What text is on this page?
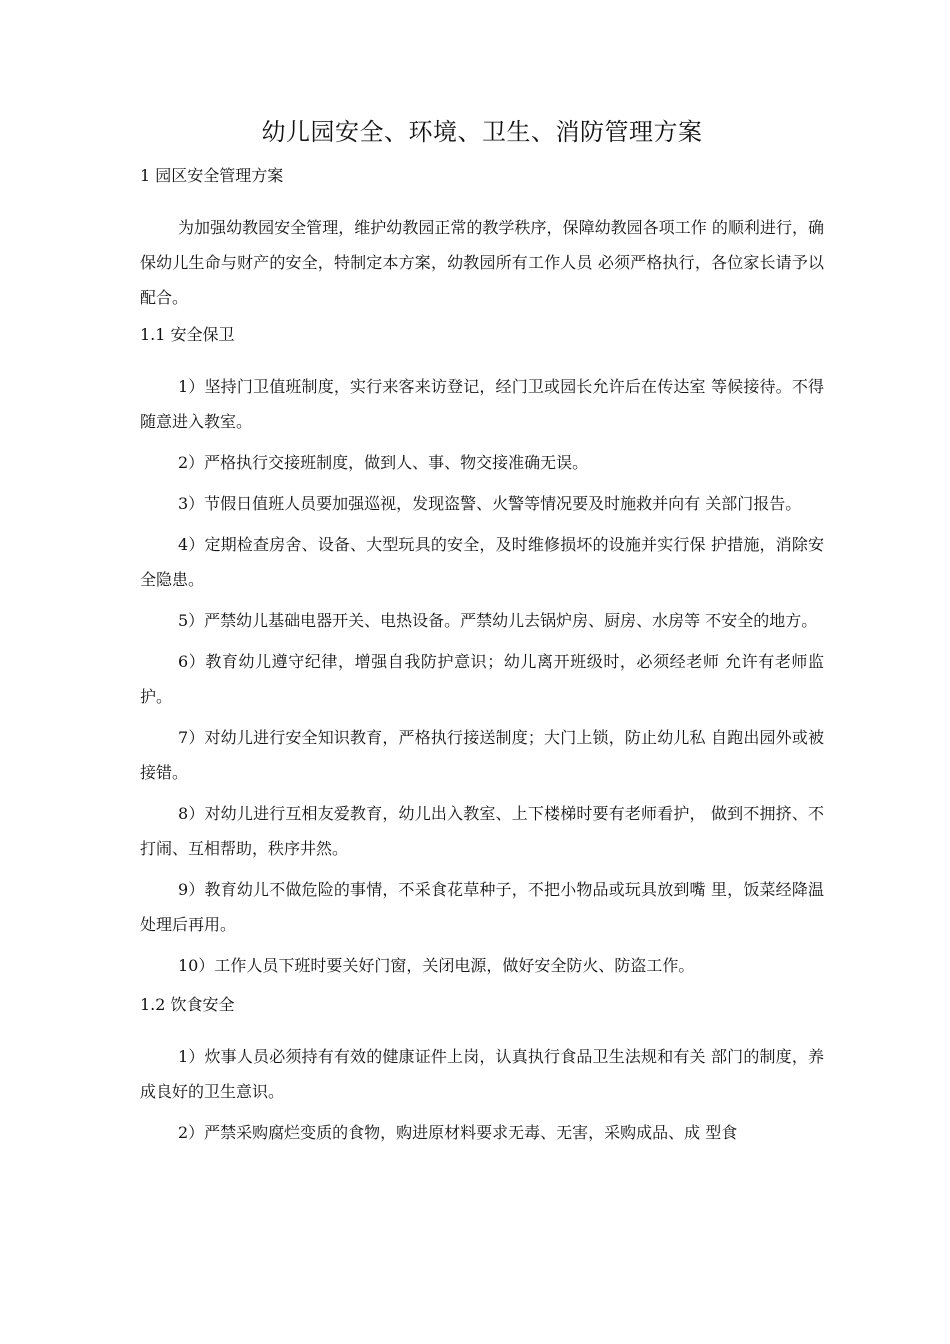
幼儿园安全、环境、卫生、消防管理方案

1 园区安全管理方案

为加强幼教园安全管理，维护幼教园正常的教学秩序，保障幼教园各项工作 的顺利进行，确保幼儿生命与财产的安全，特制定本方案，幼教园所有工作人员 必须严格执行，各位家长请予以配合。

1.1 安全保卫

1）坚持门卫值班制度，实行来客来访登记，经门卫或园长允许后在传达室 等候接待。不得随意进入教室。

2）严格执行交接班制度，做到人、事、物交接准确无误。

3）节假日值班人员要加强巡视，发现盗警、火警等情况要及时施救并向有 关部门报告。

4）定期检查房舍、设备、大型玩具的安全，及时维修损坏的设施并实行保 护措施，消除安全隐患。

5）严禁幼儿基础电器开关、电热设备。严禁幼儿去锅炉房、厨房、水房等 不安全的地方。

6）教育幼儿遵守纪律，增强自我防护意识；幼儿离开班级时，必须经老师 允许有老师监护。

7）对幼儿进行安全知识教育，严格执行接送制度；大门上锁，防止幼儿私 自跑出园外或被接错。

8）对幼儿进行互相友爱教育，幼儿出入教室、上下楼梯时要有老师看护， 做到不拥挤、不打闹、互相帮助，秩序井然。

9）教育幼儿不做危险的事情，不采食花草种子，不把小物品或玩具放到嘴 里，饭菜经降温处理后再用。

10）工作人员下班时要关好门窗，关闭电源，做好安全防火、防盗工作。

1.2 饮食安全

1）炊事人员必须持有有效的健康证件上岗，认真执行食品卫生法规和有关 部门的制度，养成良好的卫生意识。

2）严禁采购腐烂变质的食物，购进原材料要求无毒、无害，采购成品、成 型食
